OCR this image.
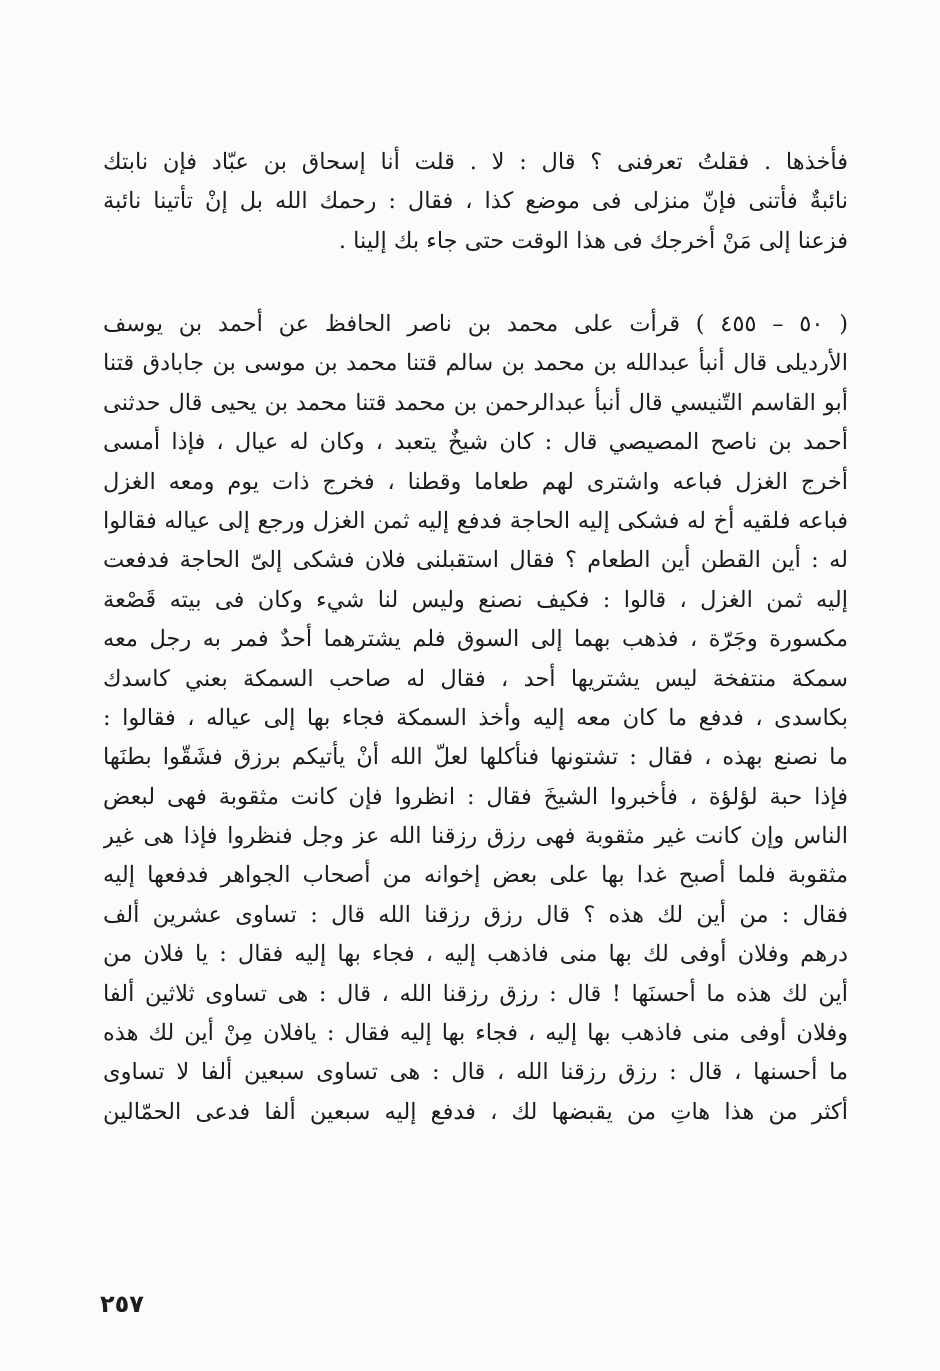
فأخذها . فقلتُ تعرفنى ؟ قال : لا . قلت أنا إسحاق بن عبّاد فإن نابتك
نائبةٌ فأتنى فإنّ منزلى فى موضع كذا ، فقال : رحمك الله بل إنْ تأتينا نائبة
فزعنا إلى مَنْ أخرجك فى هذا الوقت حتى جاء بك إلينا .
( ٥٠ – ٤٥٥ ) قرأت على محمد بن ناصر الحافظ عن أحمد بن يوسف
الأرديلى قال أنبأ عبدالله بن محمد بن سالم قتنا محمد بن موسى بن جابادق قتنا
أبو القاسم التّنيسي قال أنبأ عبدالرحمن بن محمد قتنا محمد بن يحيى قال حدثنى
أحمد بن ناصح المصيصي قال : كان شيخٌ يتعبد ، وكان له عيال ، فإذا أمسى
أخرج الغزل فباعه واشترى لهم طعاما وقطنا ، فخرج ذات يوم ومعه الغزل
فباعه فلقيه أخ له فشكى إليه الحاجة فدفع إليه ثمن الغزل ورجع إلى عياله فقالوا
له : أين القطن أين الطعام ؟ فقال استقبلنى فلان فشكى إلىّ الحاجة فدفعت
إليه ثمن الغزل ، قالوا : فكيف نصنع وليس لنا شيء وكان فى بيته قَصْعة
مكسورة وجَرّة ، فذهب بهما إلى السوق فلم يشترهما أحدٌ فمر به رجل معه
سمكة منتفخة ليس يشتريها أحد ، فقال له صاحب السمكة بعني كاسدك
بكاسدى ، فدفع ما كان معه إليه وأخذ السمكة فجاء بها إلى عياله ، فقالوا :
ما نصنع بهذه ، فقال : تشتونها فنأكلها لعلّ الله أنْ يأتيكم برزق فشَقّوا بطنَها
فإذا حبة لؤلؤة ، فأخبروا الشيخَ فقال : انظروا فإن كانت مثقوبة فهى لبعض
الناس وإن كانت غير مثقوبة فهى رزق رزقنا الله عز وجل فنظروا فإذا هى غير
مثقوبة فلما أصبح غدا بها على بعض إخوانه من أصحاب الجواهر فدفعها إليه
فقال : من أين لك هذه ؟ قال رزق رزقنا الله قال : تساوى عشرين ألف
درهم وفلان أوفى لك بها منى فاذهب إليه ، فجاء بها إليه فقال : يا فلان من
أين لك هذه ما أحسنَها ! قال : رزق رزقنا الله ، قال : هى تساوى ثلاثين ألفا
وفلان أوفى منى فاذهب بها إليه ، فجاء بها إليه فقال : يافلان مِنْ أين لك هذه
ما أحسنها ، قال : رزق رزقنا الله ، قال : هى تساوى سبعين ألفا لا تساوى
أكثر من هذا هاتِ من يقبضها لك ، فدفع إليه سبعين ألفا فدعى الحمّالين
٢٥٧
